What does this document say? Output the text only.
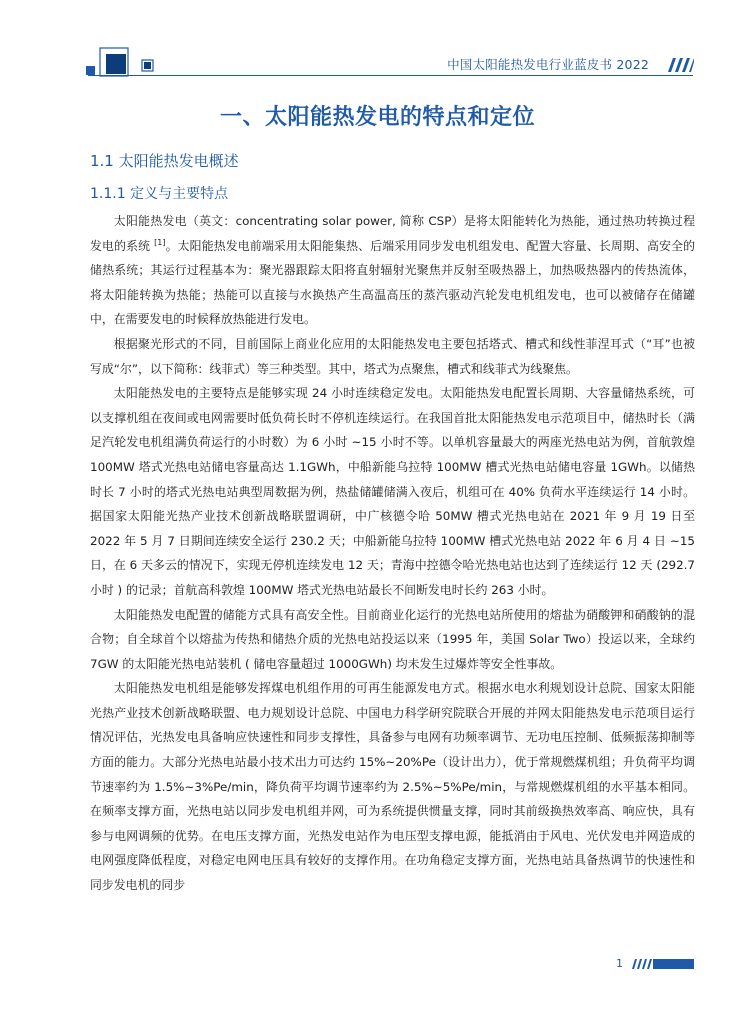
中国太阳能热发电行业蓝皮书 2022
一、太阳能热发电的特点和定位
1.1 太阳能热发电概述
1.1.1 定义与主要特点

太阳能热发电（英文：concentrating solar power, 简称 CSP）是将太阳能转化为热能，通过热功转换过程发电的系统 [1]。太阳能热发电前端采用太阳能集热、后端采用同步发电机组发电、配置大容量、长周期、高安全的储热系统；其运行过程基本为：聚光器跟踪太阳将直射辐射光聚焦并反射至吸热器上，加热吸热器内的传热流体，将太阳能转换为热能；热能可以直接与水换热产生高温高压的蒸汽驱动汽轮发电机组发电，也可以被储存在储罐中，在需要发电的时候释放热能进行发电。

根据聚光形式的不同，目前国际上商业化应用的太阳能热发电主要包括塔式、槽式和线性菲涅耳式（“耳”也被写成“尔”，以下简称：线菲式）等三种类型。其中，塔式为点聚焦，槽式和线菲式为线聚焦。

太阳能热发电的主要特点是能够实现 24 小时连续稳定发电。太阳能热发电配置长周期、大容量储热系统，可以支撑机组在夜间或电网需要时低负荷长时不停机连续运行。在我国首批太阳能热发电示范项目中，储热时长（满足汽轮发电机组满负荷运行的小时数）为 6 小时 ~15 小时不等。以单机容量最大的两座光热电站为例，首航敦煌 100MW 塔式光热电站储电容量高达 1.1GWh，中船新能乌拉特 100MW 槽式光热电站储电容量 1GWh。以储热时长 7 小时的塔式光热电站典型周数据为例，热盐储罐储满入夜后，机组可在 40% 负荷水平连续运行 14 小时。据国家太阳能光热产业技术创新战略联盟调研，中广核德令哈 50MW 槽式光热电站在 2021 年 9 月 19 日至 2022 年 5 月 7 日期间连续安全运行 230.2 天；中船新能乌拉特 100MW 槽式光热电站 2022 年 6 月 4 日 ~15 日，在 6 天多云的情况下，实现无停机连续发电 12 天；青海中控德令哈光热电站也达到了连续运行 12 天 (292.7 小时 ) 的记录；首航高科敦煌 100MW 塔式光热电站最长不间断发电时长约 263 小时。

太阳能热发电配置的储能方式具有高安全性。目前商业化运行的光热电站所使用的熔盐为硝酸钾和硝酸钠的混合物；自全球首个以熔盐为传热和储热介质的光热电站投运以来（1995 年，美国 Solar Two）投运以来，全球约 7GW 的太阳能光热电站装机 ( 储电容量超过 1000GWh) 均未发生过爆炸等安全性事故。

太阳能热发电机组是能够发挥煤电机组作用的可再生能源发电方式。根据水电水利规划设计总院、国家太阳能光热产业技术创新战略联盟、电力规划设计总院、中国电力科学研究院联合开展的并网太阳能热发电示范项目运行情况评估，光热发电具备响应快速性和同步支撑性，具备参与电网有功频率调节、无功电压控制、低频振荡抑制等方面的能力。大部分光热电站最小技术出力可达约 15%~20%Pe（设计出力），优于常规燃煤机组；升负荷平均调节速率约为 1.5%~3%Pe/min，降负荷平均调节速率约为 2.5%~5%Pe/min，与常规燃煤机组的水平基本相同。在频率支撑方面，光热电站以同步发电机组并网，可为系统提供惯量支撑，同时其前级换热效率高、响应快，具有参与电网调频的优势。在电压支撑方面，光热发电站作为电压型支撑电源，能抵消由于风电、光伏发电并网造成的电网强度降低程度，对稳定电网电压具有较好的支撑作用。在功角稳定支撑方面，光热电站具备热调节的快速性和同步发电机的同步

1
